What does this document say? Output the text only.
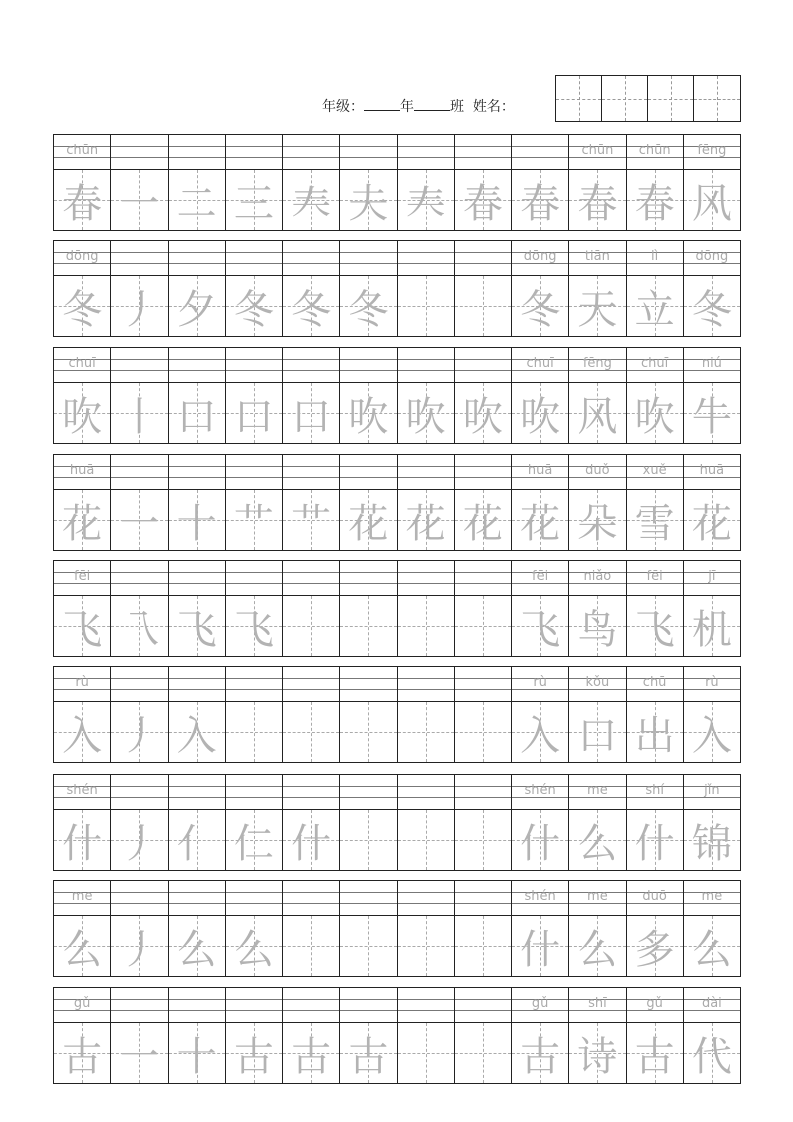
年级：	年	班 姓名：
chūn
春 一 二 三 𡗗 夫 𡗗 春 春
chūn
春
chūn
春
fēng
风
dōng
冬 丿 夕 冬 冬 冬
dōng
冬
tiān
天
lì
立
dōng
冬
chuī
吹 丨 口 口 口 吹 吹 吹
chuī
吹
fēng
风
chuī
吹
niú
牛
huā
花 一 十 艹 艹 花 花 花
huā
花
duǒ
朵
xuě
雪
huā
花
fēi
飞 乁 飞 飞
fēi
飞
niǎo
鸟
fēi
飞
jī
机
rù
入 丿 入
rù
入
kǒu
口
chū
出
rù
入
shén
什 丿 亻 仁 什
shén
什
me
么
shí
什
jǐn
锦
me
么 丿 么 么
shén
什
me
么
duō
多
me
么
gǔ
古 一 十 古 古 古
gǔ
古
shī
诗
gǔ
古
dài
代
